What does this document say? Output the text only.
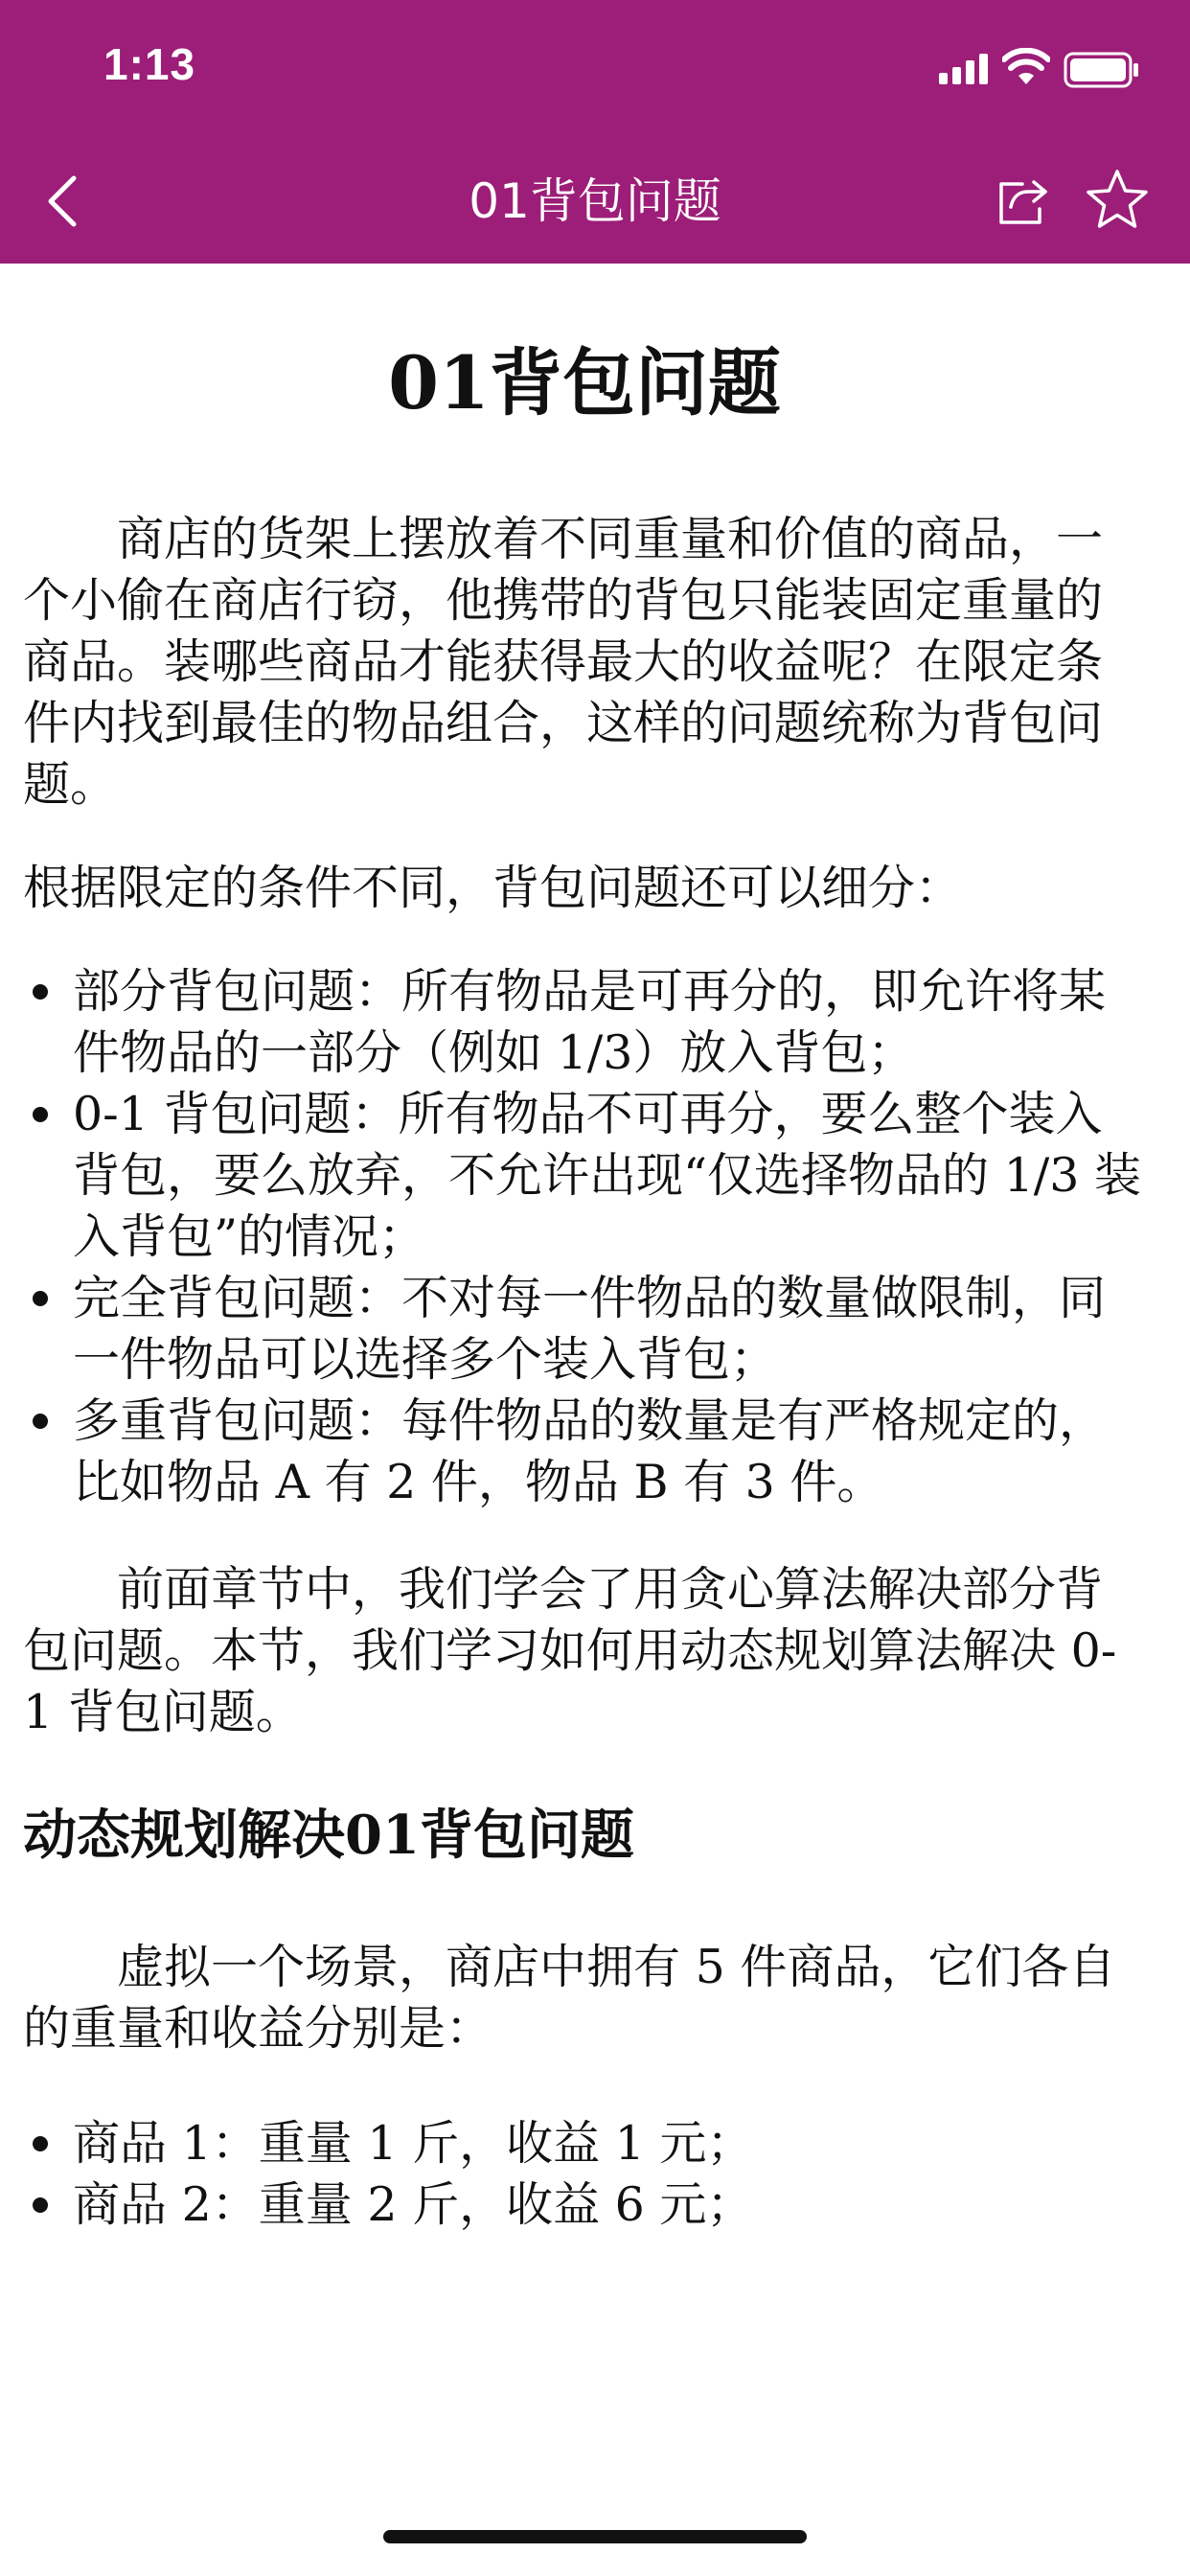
1:13
01背包问题
01背包问题

商店的货架上摆放着不同重量和价值的商品，一个小偷在商店行窃，他携带的背包只能装固定重量的商品。装哪些商品才能获得最大的收益呢？在限定条件内找到最佳的物品组合，这样的问题统称为背包问题。

根据限定的条件不同，背包问题还可以细分：

部分背包问题：所有物品是可再分的，即允许将某件物品的一部分（例如 1/3）放入背包；
0-1 背包问题：所有物品不可再分，要么整个装入背包，要么放弃，不允许出现“仅选择物品的 1/3 装入背包”的情况；
完全背包问题：不对每一件物品的数量做限制，同一件物品可以选择多个装入背包；
多重背包问题：每件物品的数量是有严格规定的，比如物品 A 有 2 件，物品 B 有 3 件。

前面章节中，我们学会了用贪心算法解决部分背包问题。本节，我们学习如何用动态规划算法解决 0-1 背包问题。

动态规划解决01背包问题

虚拟一个场景，商店中拥有 5 件商品，它们各自的重量和收益分别是：

商品 1：重量 1 斤，收益 1 元；
商品 2：重量 2 斤，收益 6 元；
